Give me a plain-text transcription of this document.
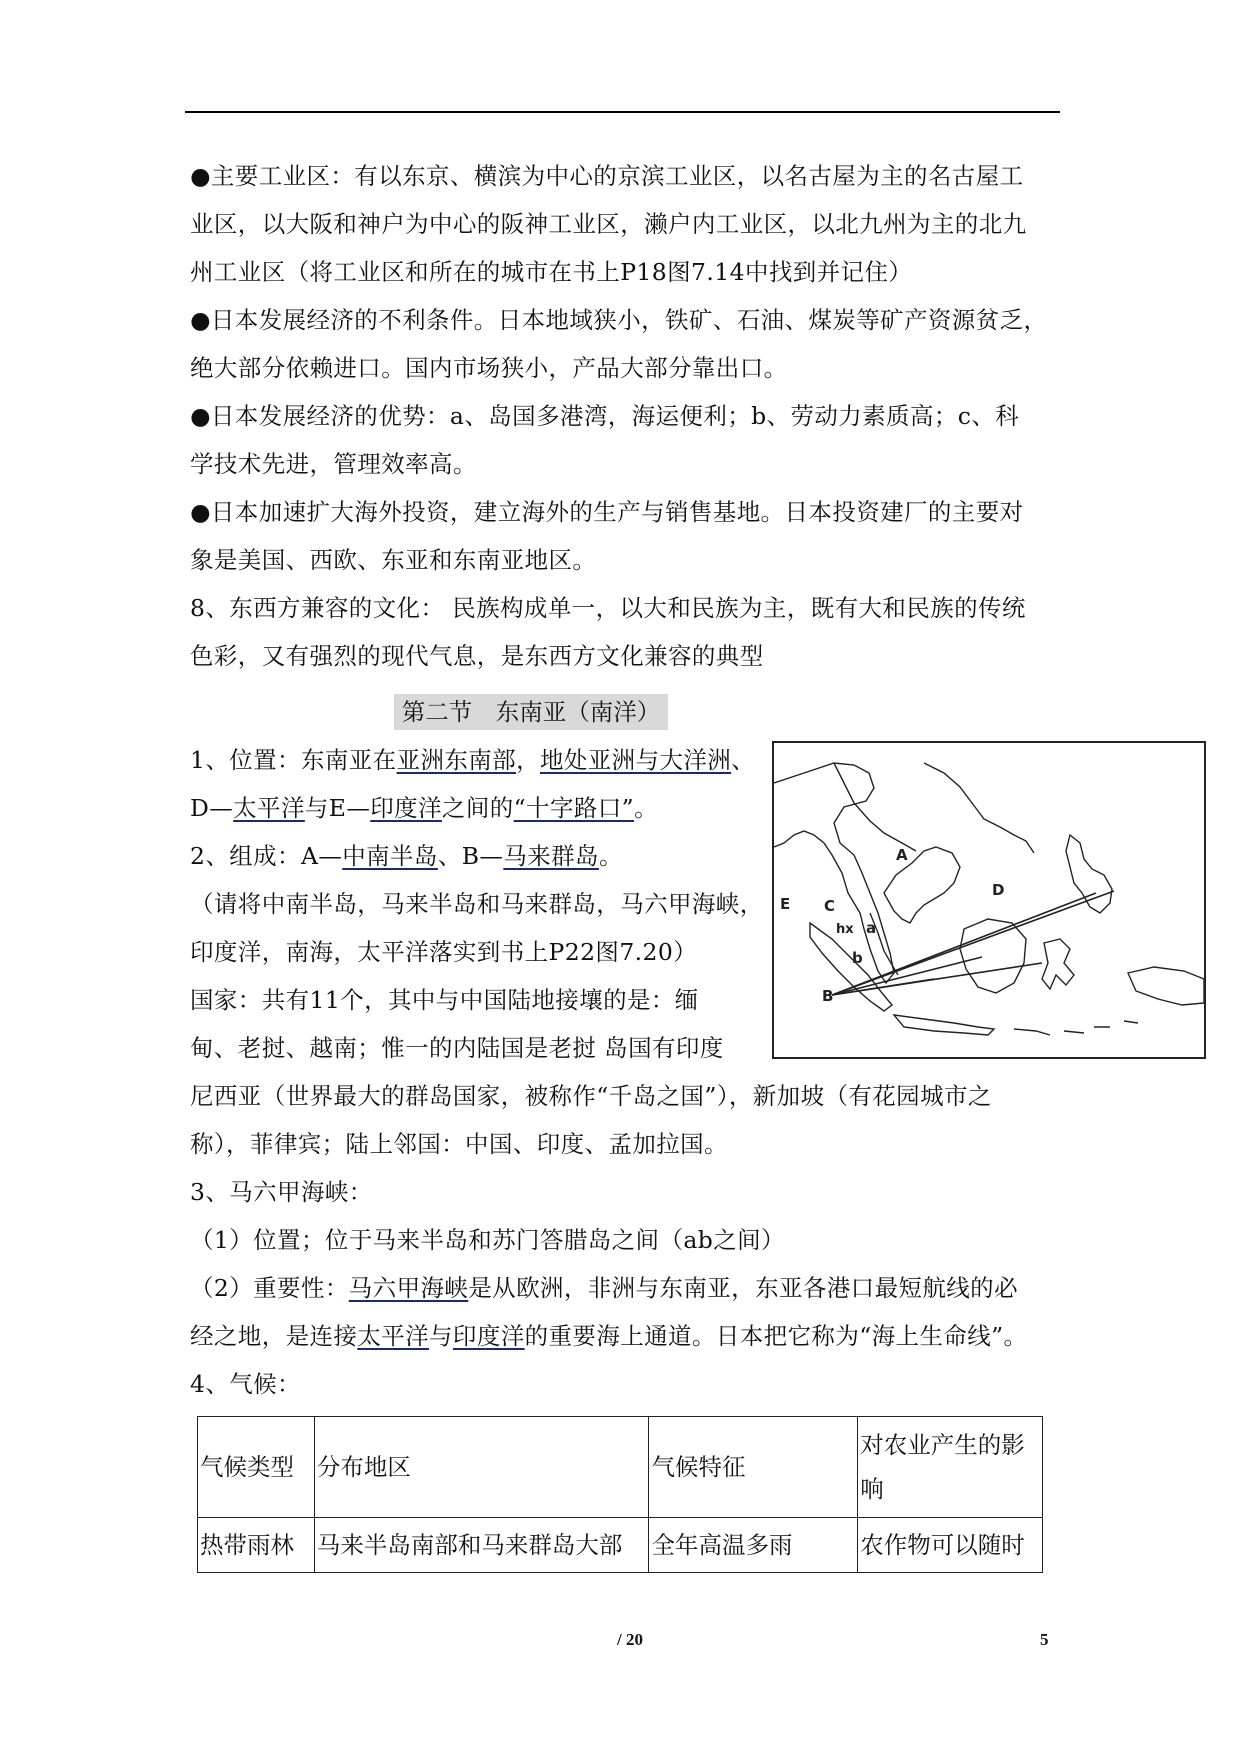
●主要工业区：有以东京、横滨为中心的京滨工业区，以名古屋为主的名古屋工
业区，以大阪和神户为中心的阪神工业区，濑户内工业区，以北九州为主的北九
州工业区（将工业区和所在的城市在书上P18图7.14中找到并记住）
●日本发展经济的不利条件。日本地域狭小，铁矿、石油、煤炭等矿产资源贫乏，
绝大部分依赖进口。国内市场狭小，产品大部分靠出口。
●日本发展经济的优势：a、岛国多港湾，海运便利；b、劳动力素质高；c、科
学技术先进，管理效率高。
●日本加速扩大海外投资，建立海外的生产与销售基地。日本投资建厂的主要对
象是美国、西欧、东亚和东南亚地区。
8、东西方兼容的文化： 民族构成单一，以大和民族为主，既有大和民族的传统
色彩，又有强烈的现代气息，是东西方文化兼容的典型
第二节　东南亚（南洋）
1、位置：东南亚在亚洲东南部，地处亚洲与大洋洲、
D—太平洋与E—印度洋之间的“十字路口”。
2、组成：A—中南半岛、B—马来群岛。
（请将中南半岛，马来半岛和马来群岛，马六甲海峡，
印度洋，南海，太平洋落实到书上P22图7.20）
国家：共有11个，其中与中国陆地接壤的是：缅
甸、老挝、越南；惟一的内陆国是老挝 岛国有印度
尼西亚（世界最大的群岛国家，被称作“千岛之国”），新加坡（有花园城市之
称），菲律宾；陆上邻国：中国、印度、孟加拉国。
3、马六甲海峡：
（1）位置；位于马来半岛和苏门答腊岛之间（ab之间）
（2）重要性：马六甲海峡是从欧洲，非洲与东南亚，东亚各港口最短航线的必
经之地，是连接太平洋与印度洋的重要海上通道。日本把它称为“海上生命线”。
4、气候：
A
B
C
D
E
a
b
hx
气候类型	分布地区	气候特征	对农业产生的影响
热带雨林	马来半岛南部和马来群岛大部	全年高温多雨	农作物可以随时
/ 20	5
